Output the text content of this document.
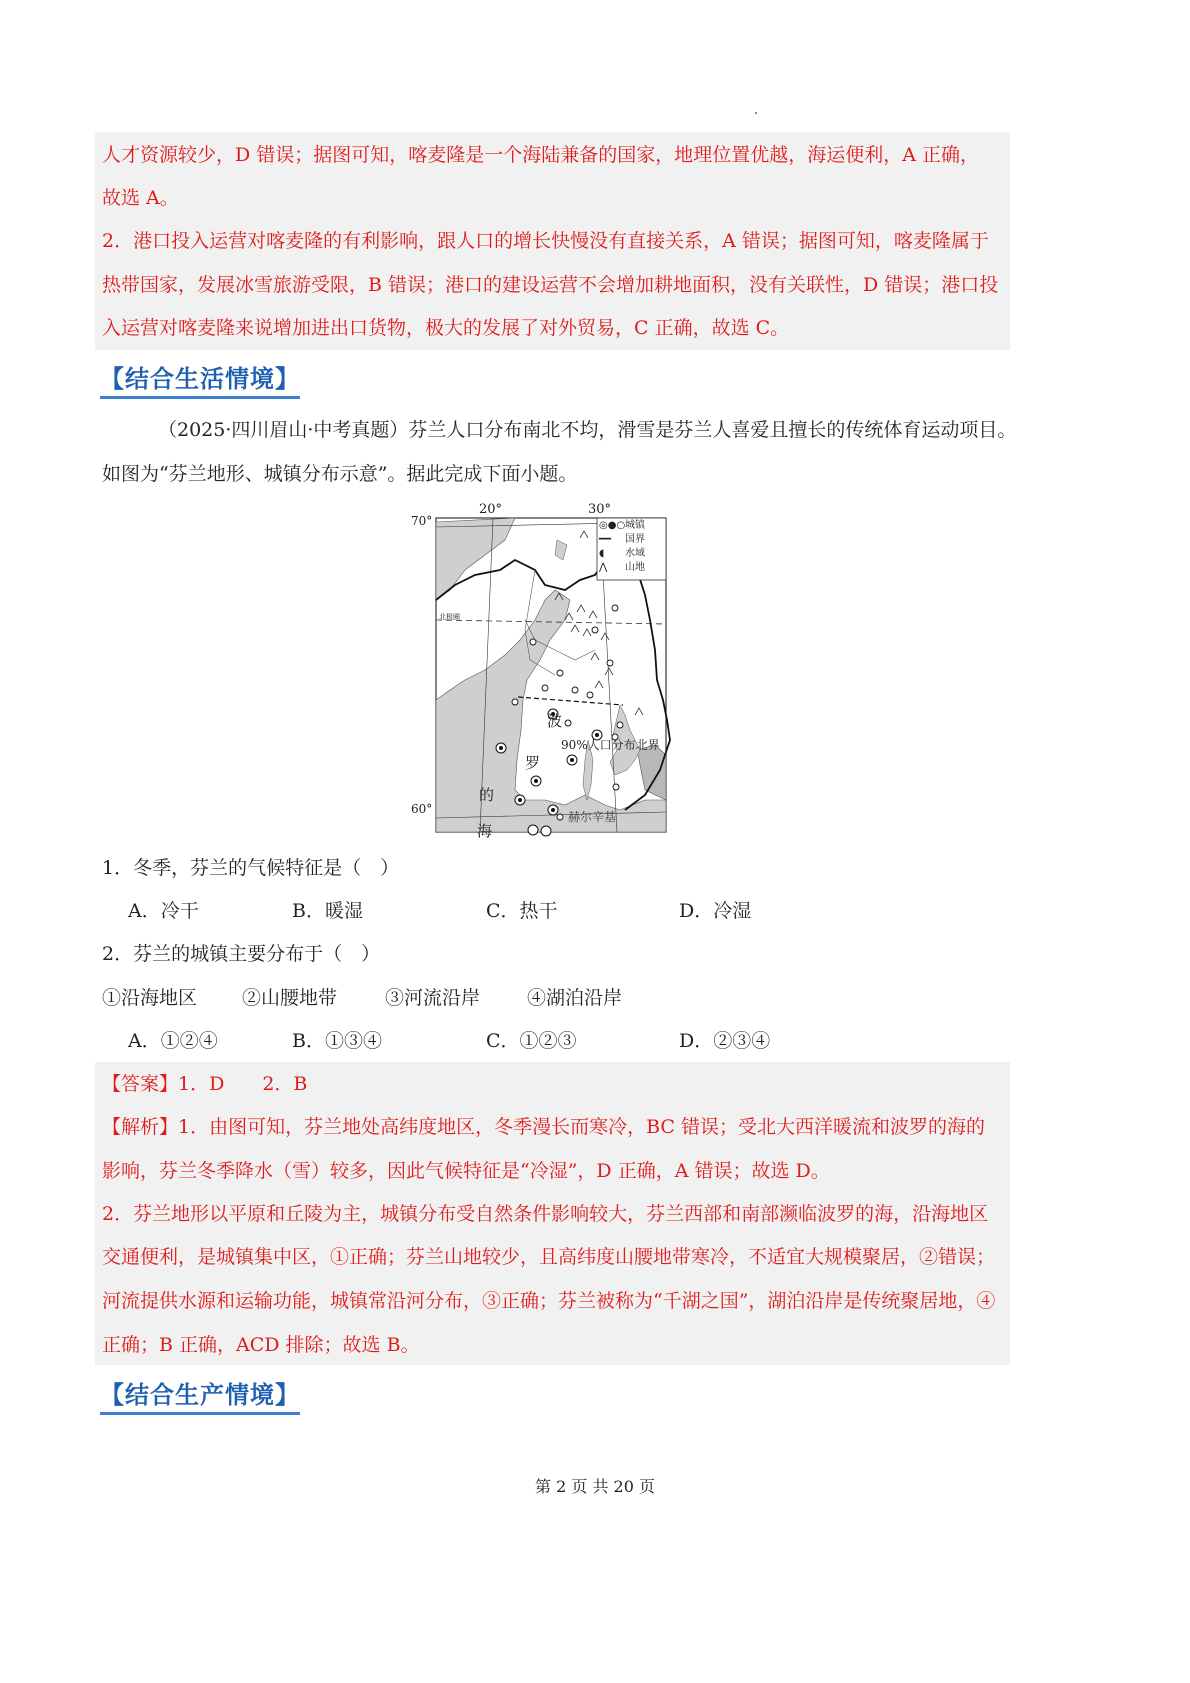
人才资源较少，D 错误；据图可知，喀麦隆是一个海陆兼备的国家，地理位置优越，海运便利，A 正确，
故选 A。
2．港口投入运营对喀麦隆的有利影响，跟人口的增长快慢没有直接关系，A 错误；据图可知，喀麦隆属于
热带国家，发展冰雪旅游受限，B 错误；港口的建设运营不会增加耕地面积，没有关联性，D 错误；港口投
入运营对喀麦隆来说增加进出口货物，极大的发展了对外贸易，C 正确，故选 C。
【结合生活情境】
（2025·四川眉山·中考真题）芬兰人口分布南北不均，滑雪是芬兰人喜爱且擅长的传统体育运动项目。
如图为“芬兰地形、城镇分布示意”。据此完成下面小题。
20°	30°
70°
60°
北极圈
◎●○城镇
━━ 国界
◖ 水域
⋀ 山地
波
罗
的
海
90%人口分布北界
赫尔辛基
1．冬季，芬兰的气候特征是（　）
A．冷干	B．暖湿	C．热干	D．冷湿
2．芬兰的城镇主要分布于（　）
①沿海地区 ②山腰地带	③河流沿岸 ④湖泊沿岸
A．①②④	B．①③④	C．①②③	D．②③④
【答案】1．D　　2．B
【解析】1．由图可知，芬兰地处高纬度地区，冬季漫长而寒冷，BC 错误；受北大西洋暖流和波罗的海的
影响，芬兰冬季降水（雪）较多，因此气候特征是“冷湿”，D 正确，A 错误；故选 D。
2．芬兰地形以平原和丘陵为主，城镇分布受自然条件影响较大，芬兰西部和南部濒临波罗的海，沿海地区
交通便利，是城镇集中区，①正确；芬兰山地较少，且高纬度山腰地带寒冷，不适宜大规模聚居，②错误；
河流提供水源和运输功能，城镇常沿河分布，③正确；芬兰被称为“千湖之国”，湖泊沿岸是传统聚居地，④
正确；B 正确，ACD 排除；故选 B。
【结合生产情境】
第 2 页 共 20 页
